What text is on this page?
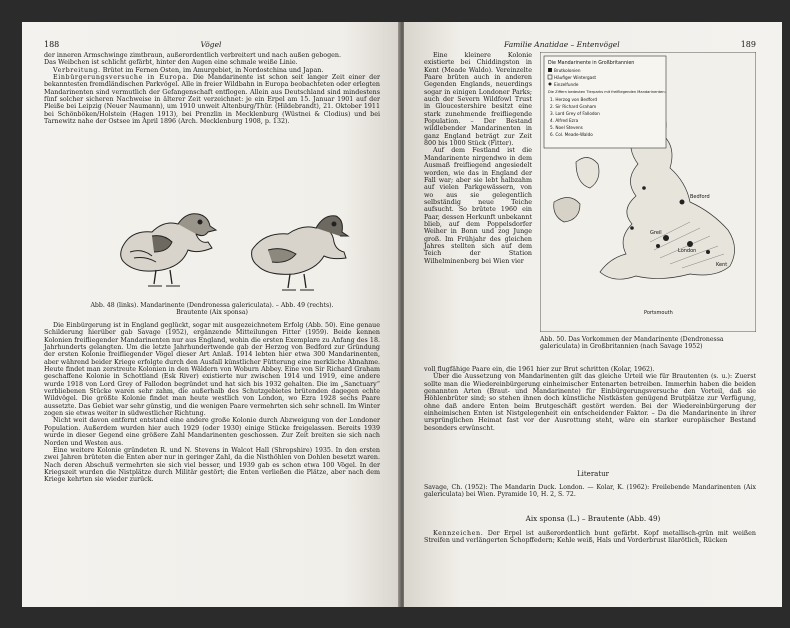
188	Vögel

der inneren Armschwinge zimtbraun, außerordentlich verbreitert und nach außen gebogen.

Das Weibchen ist schlicht gefärbt, hinter den Augen eine schmale weiße Linie.

Verbreitung. Brütet im Fernen Osten, im Amurgebiet, in Nordostchina und Japan.

Einbürgerungsversuche in Europa. Die Mandarinente ist schon seit langer Zeit einer der bekanntesten fremdländischen Parkvögel. Alle in freier Wildbahn in Europa beobachteten oder erlegten Mandarinenten sind vermutlich der Gefangenschaft entflogen. Allein aus Deutschland sind mindestens fünf solcher sicheren Nachweise in älterer Zeit verzeichnet: je ein Erpel am 15. Januar 1901 auf der Pleiße bei Leipzig (Neuer Naumann), um 1910 unweit Altenburg/Thür. (Hildebrandt), 21. Oktober 1911 bei Schönböken/Holstein (Hagen 1913), bei Prenzlin in Mecklenburg (Wüstnei & Clodius) und bei Tarnewitz nahe der Ostsee im April 1896 (Arch. Mecklenburg 1908, p. 132).

Abb. 48 (links). Mandarinente (Dendronessa galericulata). – Abb. 49 (rechts).
Brautente (Aix sponsa)

Die Einbürgerung ist in England geglückt, sogar mit ausgezeichnetem Erfolg (Abb. 50). Eine genaue Schilderung hierüber gab Savage (1952), ergänzende Mitteilungen Fitter (1959). Beide kennen Kolonien freifliegender Mandarinenten nur aus England, wohin die ersten Exemplare zu Anfang des 18. Jahrhunderts gelangten. Um die letzte Jahrhundertwende gab der Herzog von Bedford zur Gründung der ersten Kolonie freifliegender Vögel dieser Art Anlaß. 1914 lebten hier etwa 300 Mandarinenten, aber während beider Kriege erfolgte durch den Ausfall künstlicher Fütterung eine merkliche Abnahme. Heute findet man zerstreute Kolonien in den Wäldern von Woburn Abbey. Eine von Sir Richard Graham geschaffene Kolonie in Schottland (Esk River) existierte nur zwischen 1914 und 1919, eine andere wurde 1918 von Lord Grey of Fallodon begründet und hat sich bis 1932 gehalten. Die im „Sanctuary“ verbliebenen Stücke waren sehr zahm, die außerhalb des Schutzgebietes brütenden dagegen echte Wildvögel. Die größte Kolonie findet man heute westlich von London, wo Ezra 1928 sechs Paare aussetzte. Das Gebiet war sehr günstig, und die wenigen Paare vermehrten sich sehr schnell. Im Winter zogen sie etwas weiter in südwestlicher Richtung.

Nicht weit davon entfernt entstand eine andere große Kolonie durch Abzweigung von der Londoner Population. Außerdem wurden hier auch 1929 (oder 1930) einige Stücke freigelassen. Bereits 1939 wurde in dieser Gegend eine größere Zahl Mandarinenten geschossen. Zur Zeit breiten sie sich nach Norden und Westen aus.

Eine weitere Kolonie gründeten R. und N. Stevens in Walcot Hall (Shropshire) 1935. In den ersten zwei Jahren brüteten die Enten aber nur in geringer Zahl, da die Nisthöhlen von Dohlen besetzt waren. Nach deren Abschuß vermehrten sie sich viel besser, und 1939 gab es schon etwa 100 Vögel. In der Kriegszeit wurden die Nistplätze durch Militär gestört; die Enten verließen die Plätze, aber nach dem Kriege kehrten sie wieder zurück.

Familie Anatidae – Entenvögel	189

Eine kleinere Kolonie existierte bei Chiddingston in Kent (Meade Waldo). Vereinzelte Paare brüten auch in anderen Gegenden Englands, neuerdings sogar in einigen Londoner Parks; auch der Severn Wildfowl Trust in Gloucestershire besitzt eine stark zunehmende freifliegende Population. – Der Bestand wildlebender Mandarinenten in ganz England beträgt zur Zeit 800 bis 1000 Stück (Fitter).

Auf dem Festland ist die Mandarinente nirgendwo in dem Ausmaß freifliegend angesiedelt worden, wie das in England der Fall war; aber sie lebt halbzahm auf vielen Parkgewässern, von wo aus sie gelegentlich selbständig neue Teiche aufsucht. So brütete 1960 ein Paar, dessen Herkunft unbekannt blieb, auf dem Poppelsdorfer Weiher in Bonn und zog Junge groß. Im Frühjahr des gleichen Jahres stellten sich auf dem Teich der Station Wilhelminenberg bei Wien vier

Die Mandarinente in Großbritannien
Brutkolonien
Häufiger Wintergast
Einzelfunde
Die Ziffern bedeuten Tierparks mit freifliegenden Mandarinenten:
1. Herzog von Bedford
2. Sir Richard Graham
3. Lord Grey of Fallodon
4. Alfred Ezra
5. Noel Stevens
6. Col. Meade-Waldo
Bedford
London
Kent
Greil
Portsmouth
Abb. 50. Das Vorkommen der Mandarinente (Dendronessa galericulata) in Großbritannien (nach Savage 1952)

voll flugfähige Paare ein, die 1961 hier zur Brut schritten (Kolar, 1962).

Über die Aussetzung von Mandarinenten gilt das gleiche Urteil wie für Brautenten (s. u.): Zuerst sollte man die Wiedereinbürgerung einheimischer Entenarten betreiben. Immerhin haben die beiden genannten Arten (Braut- und Mandarinente) für Einbürgerungsversuche den Vorteil, daß sie Höhlenbrüter sind; so stehen ihnen doch künstliche Nistkästen genügend Brutplätze zur Verfügung, ohne daß andere Enten beim Brutgeschäft gestört werden. Bei der Wiedereinbürgerung der einheimischen Enten ist Nistgelegenheit ein entscheidender Faktor. – Da die Mandarinente in ihrer ursprünglichen Heimat fast vor der Ausrottung steht, wäre ein starker europäischer Bestand besonders erwünscht.

Literatur

Savage, Ch. (1952): The Mandarin Duck. London. — Kolar, K. (1962): Freilebende Mandarinenten (Aix galericulata) bei Wien. Pyramide 10, H. 2, S. 72.

Aix sponsa (L.) – Brautente (Abb. 49)

Kennzeichen. Der Erpel ist außerordentlich bunt gefärbt. Kopf metallisch-grün mit weißen Streifen und verlängerten Schopffedern; Kehle weiß, Hals und Vorderbrust lilarötlich, Rücken
